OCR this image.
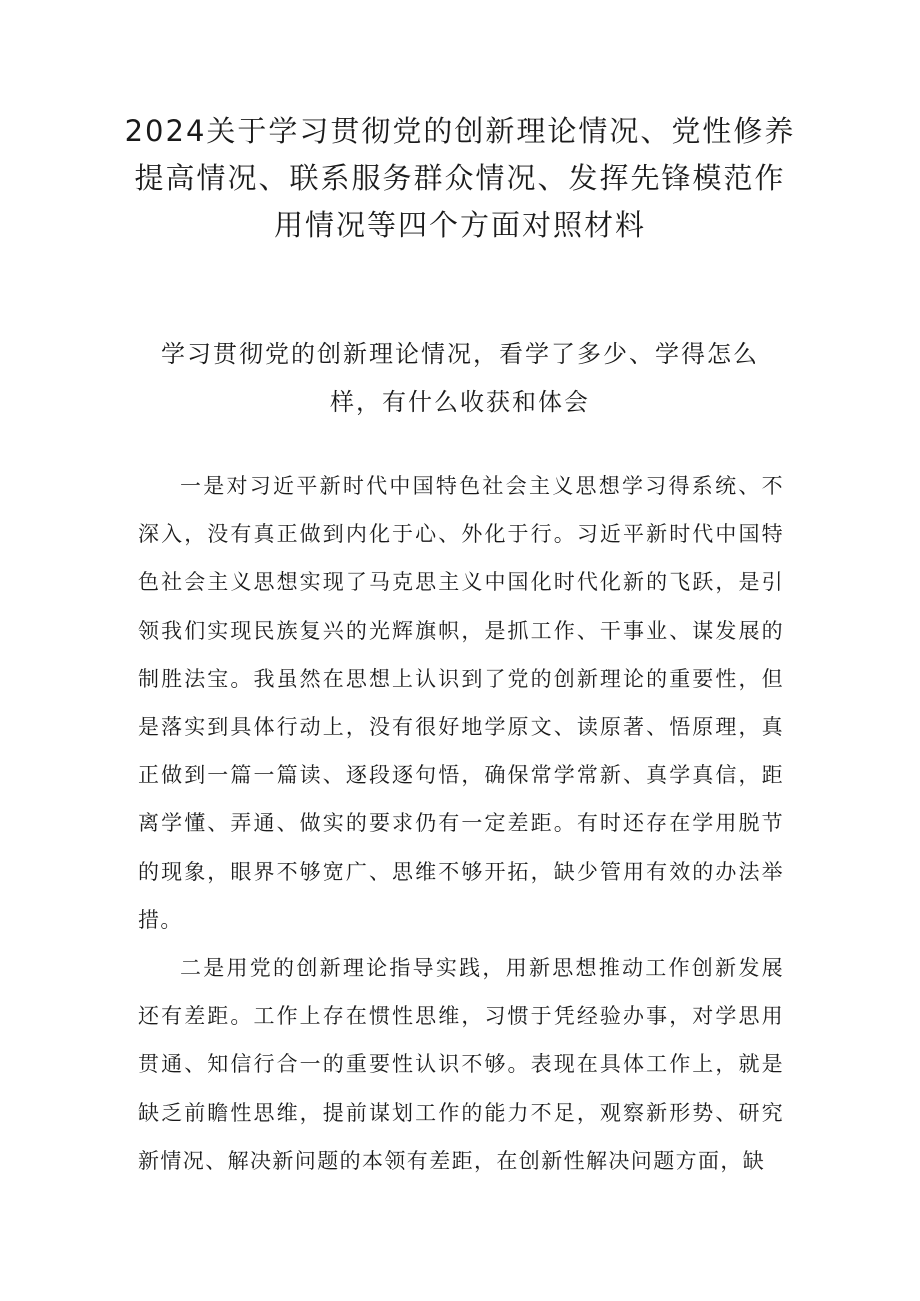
2024关于学习贯彻党的创新理论情况、党性修养提高情况、联系服务群众情况、发挥先锋模范作用情况等四个方面对照材料
学习贯彻党的创新理论情况，看学了多少、学得怎么样，有什么收获和体会

一是对习近平新时代中国特色社会主义思想学习得系统、不深入，没有真正做到内化于心、外化于行。习近平新时代中国特色社会主义思想实现了马克思主义中国化时代化新的飞跃，是引领我们实现民族复兴的光辉旗帜，是抓工作、干事业、谋发展的制胜法宝。我虽然在思想上认识到了党的创新理论的重要性，但是落实到具体行动上，没有很好地学原文、读原著、悟原理，真正做到一篇一篇读、逐段逐句悟，确保常学常新、真学真信，距离学懂、弄通、做实的要求仍有一定差距。有时还存在学用脱节的现象，眼界不够宽广、思维不够开拓，缺少管用有效的办法举措。

二是用党的创新理论指导实践，用新思想推动工作创新发展还有差距。工作上存在惯性思维，习惯于凭经验办事，对学思用贯通、知信行合一的重要性认识不够。表现在具体工作上，就是缺乏前瞻性思维，提前谋划工作的能力不足，观察新形势、研究新情况、解决新问题的本领有差距，在创新性解决问题方面，缺
